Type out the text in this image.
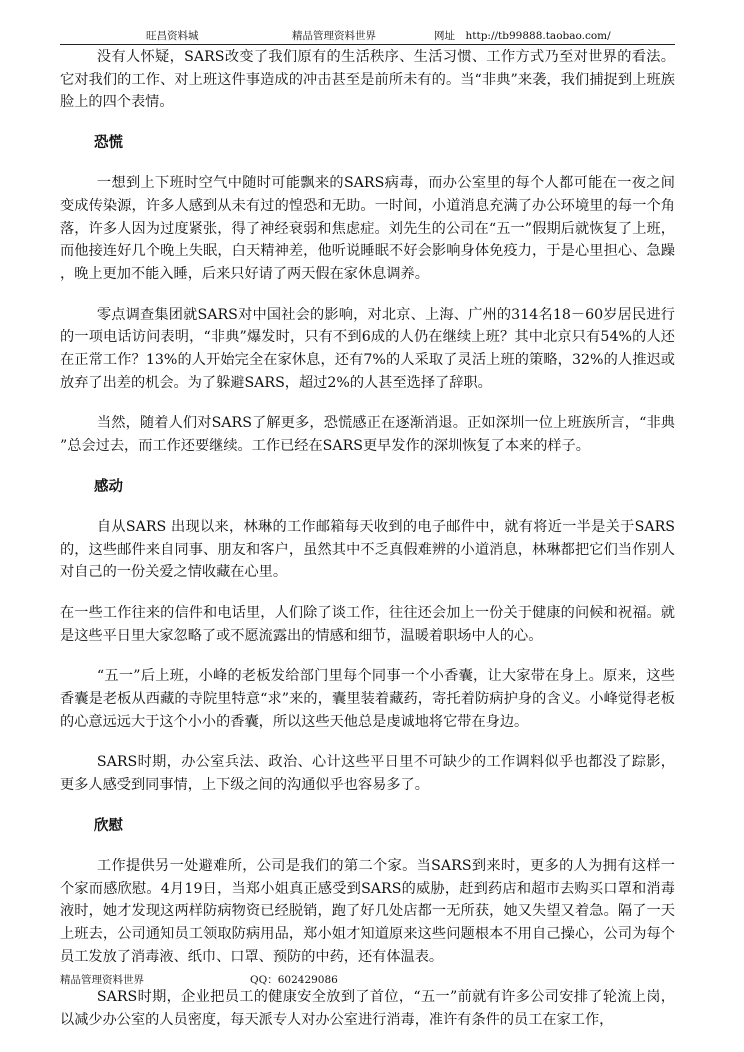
旺昌资料城	精品管理资料世界	网址　http://tb99888.taobao.com/

没有人怀疑，SARS改变了我们原有的生活秩序、生活习惯、工作方式乃至对世界的看法。它对我们的工作、对上班这件事造成的冲击甚至是前所未有的。当“非典”来袭，我们捕捉到上班族脸上的四个表情。

恐慌

一想到上下班时空气中随时可能飘来的SARS病毒，而办公室里的每个人都可能在一夜之间变成传染源，许多人感到从未有过的惶恐和无助。一时间，小道消息充满了办公环境里的每一个角落，许多人因为过度紧张，得了神经衰弱和焦虑症。刘先生的公司在“五一”假期后就恢复了上班，而他接连好几个晚上失眠，白天精神差，他听说睡眠不好会影响身体免疫力，于是心里担心、急躁，晚上更加不能入睡，后来只好请了两天假在家休息调养。

零点调查集团就SARS对中国社会的影响，对北京、上海、广州的314名18－60岁居民进行的一项电话访问表明，“非典”爆发时，只有不到6成的人仍在继续上班？其中北京只有54%的人还在正常工作？13%的人开始完全在家休息，还有7%的人采取了灵活上班的策略，32%的人推迟或放弃了出差的机会。为了躲避SARS，超过2%的人甚至选择了辞职。

当然，随着人们对SARS了解更多，恐慌感正在逐渐消退。正如深圳一位上班族所言，“非典”总会过去，而工作还要继续。工作已经在SARS更早发作的深圳恢复了本来的样子。

感动

自从SARS 出现以来，林琳的工作邮箱每天收到的电子邮件中，就有将近一半是关于SARS的，这些邮件来自同事、朋友和客户，虽然其中不乏真假难辨的小道消息，林琳都把它们当作别人对自己的一份关爱之情收藏在心里。

在一些工作往来的信件和电话里，人们除了谈工作，往往还会加上一份关于健康的问候和祝福。就是这些平日里大家忽略了或不愿流露出的情感和细节，温暖着职场中人的心。

“五一”后上班，小峰的老板发给部门里每个同事一个小香囊，让大家带在身上。原来，这些香囊是老板从西藏的寺院里特意“求”来的，囊里装着藏药，寄托着防病护身的含义。小峰觉得老板的心意远远大于这个小小的香囊，所以这些天他总是虔诚地将它带在身边。

SARS时期，办公室兵法、政治、心计这些平日里不可缺少的工作调料似乎也都没了踪影，更多人感受到同事情，上下级之间的沟通似乎也容易多了。

欣慰

工作提供另一处避难所，公司是我们的第二个家。当SARS到来时，更多的人为拥有这样一个家而感欣慰。4月19日，当郑小姐真正感受到SARS的威胁，赶到药店和超市去购买口罩和消毒液时，她才发现这两样防病物资已经脱销，跑了好几处店都一无所获，她又失望又着急。隔了一天上班去，公司通知员工领取防病用品，郑小姐才知道原来这些问题根本不用自己操心，公司为每个员工发放了消毒液、纸巾、口罩、预防的中药，还有体温表。

SARS时期，企业把员工的健康安全放到了首位，“五一”前就有许多公司安排了轮流上岗，以减少办公室的人员密度，每天派专人对办公室进行消毒，准许有条件的员工在家工作，

精品管理资料世界	QQ：602429086
